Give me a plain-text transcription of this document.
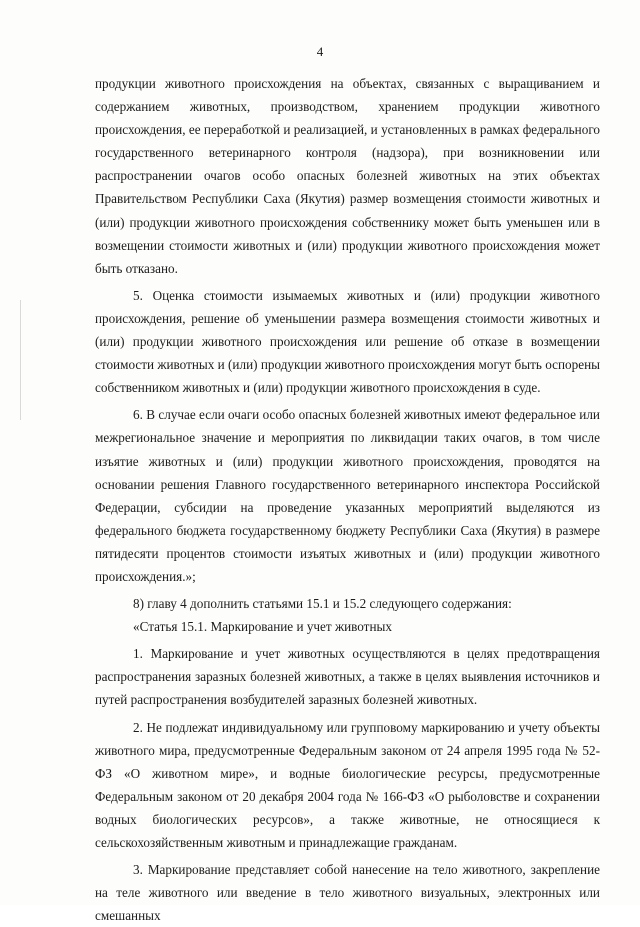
4

продукции животного происхождения на объектах, связанных с выращиванием и содержанием животных, производством, хранением продукции животного происхождения, ее переработкой и реализацией, и установленных в рамках федерального государственного ветеринарного контроля (надзора), при возникновении или распространении очагов особо опасных болезней животных на этих объектах Правительством Республики Саха (Якутия) размер возмещения стоимости животных и (или) продукции животного происхождения собственнику может быть уменьшен или в возмещении стоимости животных и (или) продукции животного происхождения может быть отказано.

5. Оценка стоимости изымаемых животных и (или) продукции животного происхождения, решение об уменьшении размера возмещения стоимости животных и (или) продукции животного происхождения или решение об отказе в возмещении стоимости животных и (или) продукции животного происхождения могут быть оспорены собственником животных и (или) продукции животного происхождения в суде.

6. В случае если очаги особо опасных болезней животных имеют федеральное или межрегиональное значение и мероприятия по ликвидации таких очагов, в том числе изъятие животных и (или) продукции животного происхождения, проводятся на основании решения Главного государственного ветеринарного инспектора Российской Федерации, субсидии на проведение указанных мероприятий выделяются из федерального бюджета государственному бюджету Республики Саха (Якутия) в размере пятидесяти процентов стоимости изъятых животных и (или) продукции животного происхождения.»;

8) главу 4 дополнить статьями 15.1 и 15.2 следующего содержания:

«Статья 15.1. Маркирование и учет животных

1. Маркирование и учет животных осуществляются в целях предотвращения распространения заразных болезней животных, а также в целях выявления источников и путей распространения возбудителей заразных болезней животных.

2. Не подлежат индивидуальному или групповому маркированию и учету объекты животного мира, предусмотренные Федеральным законом от 24 апреля 1995 года № 52-ФЗ «О животном мире», и водные биологические ресурсы, предусмотренные Федеральным законом от 20 декабря 2004 года № 166-ФЗ «О рыболовстве и сохранении водных биологических ресурсов», а также животные, не относящиеся к сельскохозяйственным животным и принадлежащие гражданам.

3. Маркирование представляет собой нанесение на тело животного, закрепление на теле животного или введение в тело животного визуальных, электронных или смешанных
